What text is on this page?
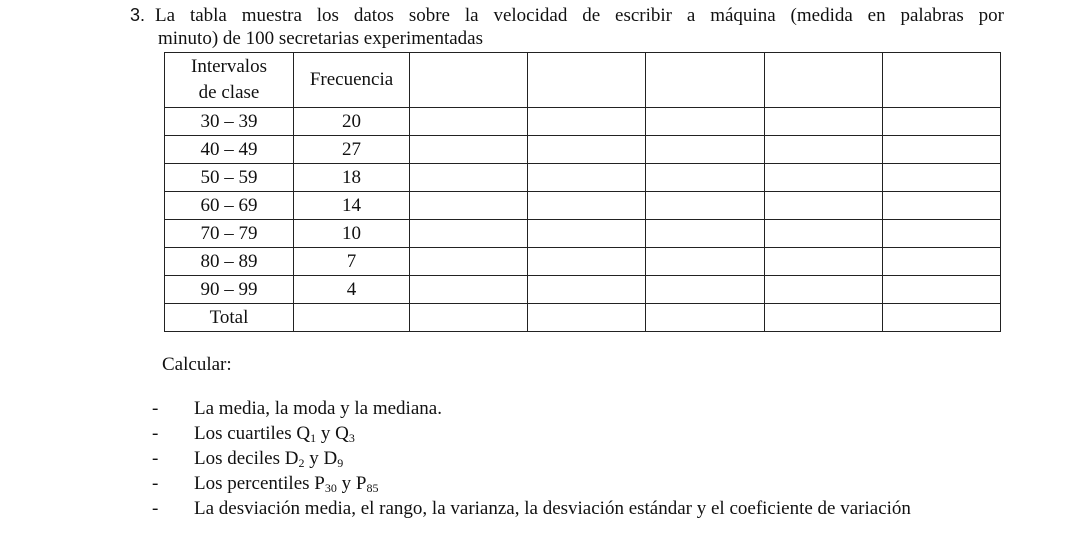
3. La tabla muestra los datos sobre la velocidad de escribir a máquina (medida en palabras por
minuto) de 100 secretarias experimentadas
Intervalos
de clase	Frecuencia					
30 – 39	20					
40 – 49	27					
50 – 59	18					
60 – 69	14					
70 – 79	10					
80 – 89	7					
90 – 99	4					
Total						
Calcular:
- La media, la moda y la mediana.
- Los cuartiles $Q_1$ y $Q_3$
- Los deciles $D_2$ y $D_9$
- Los percentiles $P_{30}$ y $P_{85}$
- La desviación media, el rango, la varianza, la desviación estándar y el coeficiente de variación
